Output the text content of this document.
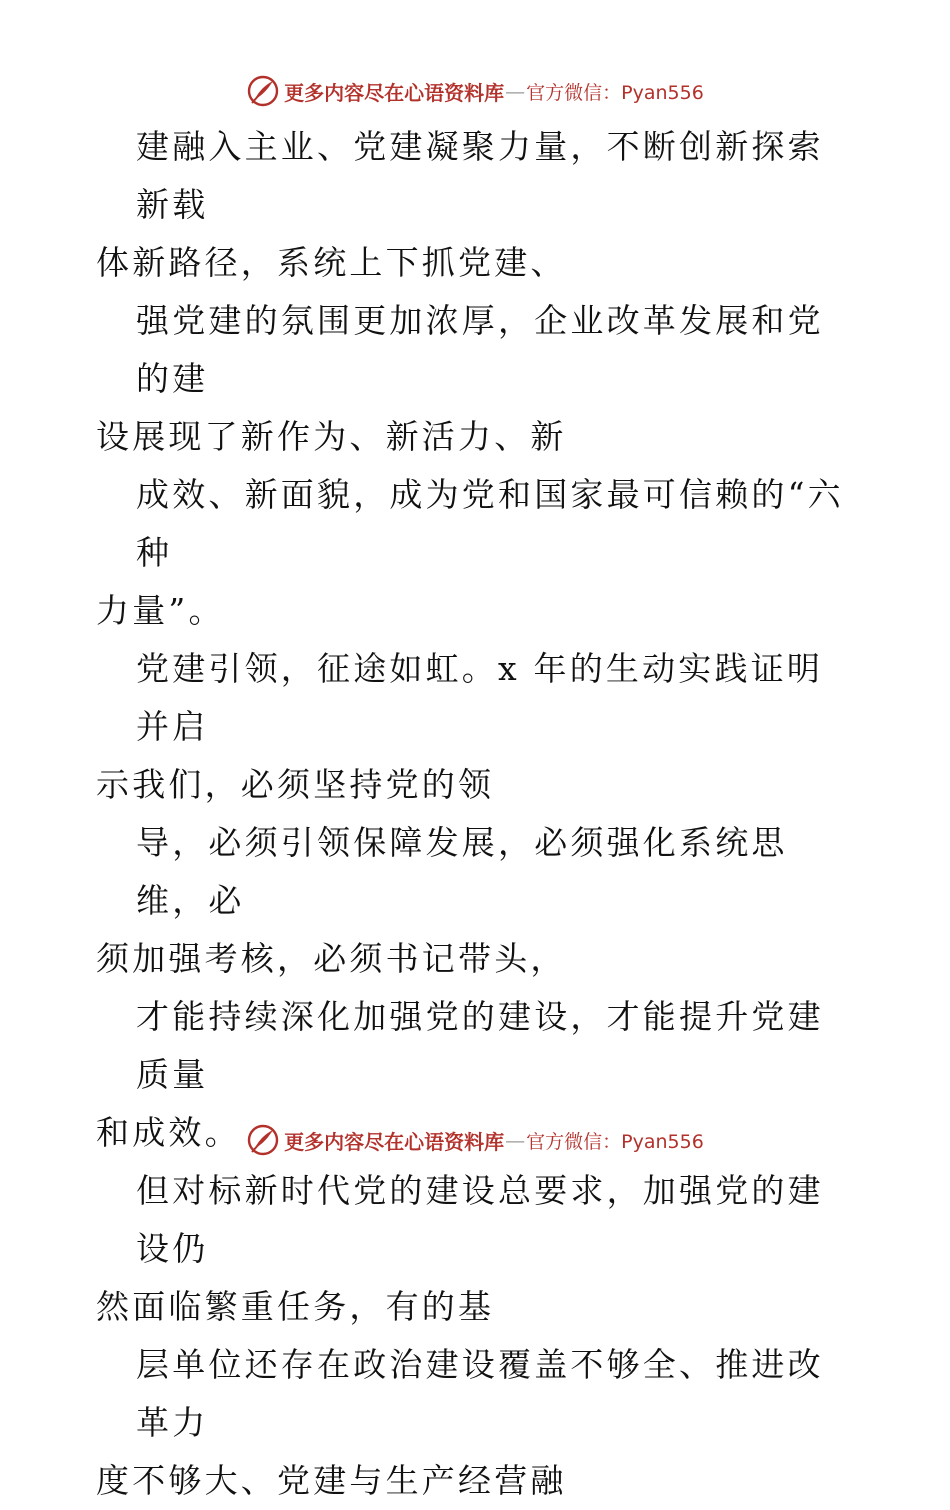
更多内容尽在心语资料库 — 官方微信：Pyan556

建融入主业、党建凝聚力量，不断创新探索新载
体新路径，系统上下抓党建、

强党建的氛围更加浓厚，企业改革发展和党的建
设展现了新作为、新活力、新

成效、新面貌，成为党和国家最可信赖的“六种
力量”。

党建引领，征途如虹。x 年的生动实践证明并启
示我们，必须坚持党的领

导，必须引领保障发展，必须强化系统思维，必
须加强考核，必须书记带头，

才能持续深化加强党的建设，才能提升党建质量
和成效。

但对标新时代党的建设总要求，加强党的建设仍
然面临繁重任务，有的基

层单位还存在政治建设覆盖不够全、推进改革力
度不够大、党建与生产经营融

更多内容尽在心语资料库 — 官方微信：Pyan556
